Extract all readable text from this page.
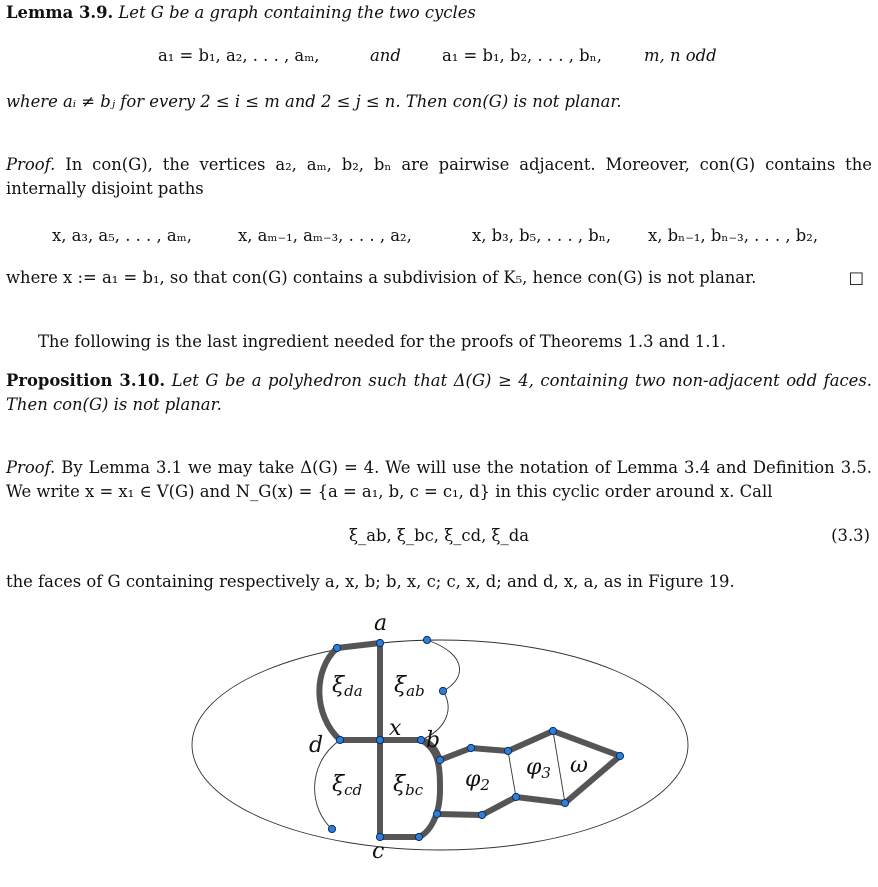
Lemma 3.9. Let G be a graph containing the two cycles
a₁ = b₁, a₂, . . . , aₘ,	and	a₁ = b₁, b₂, . . . , bₙ,	m, n odd
where aᵢ ≠ bⱼ for every 2 ≤ i ≤ m and 2 ≤ j ≤ n. Then con(G) is not planar.
Proof. In con(G), the vertices a₂, aₘ, b₂, bₙ are pairwise adjacent. Moreover, con(G) contains the internally disjoint paths
x, a₃, a₅, . . . , aₘ,	x, aₘ₋₁, aₘ₋₃, . . . , a₂,	x, b₃, b₅, . . . , bₙ, x, bₙ₋₁, bₙ₋₃, . . . , b₂,
where x := a₁ = b₁, so that con(G) contains a subdivision of K₅, hence con(G) is not planar.	□
The following is the last ingredient needed for the proofs of Theorems 1.3 and 1.1.
Proposition 3.10. Let G be a polyhedron such that Δ(G) ≥ 4, containing two non-adjacent odd faces. Then con(G) is not planar.
Proof. By Lemma 3.1 we may take Δ(G) = 4. We will use the notation of Lemma 3.4 and Definition 3.5. We write x = x₁ ∈ V(G) and N_G(x) = {a = a₁, b, c = c₁, d} in this cyclic order around x. Call
ξ_ab, ξ_bc, ξ_cd, ξ_da	(3.3)
the faces of G containing respectively a, x, b; b, x, c; c, x, d; and d, x, a, as in Figure 19.
a
x b
d
c
ξda ξab
ξcd ξbc φ2
φ3 ω
